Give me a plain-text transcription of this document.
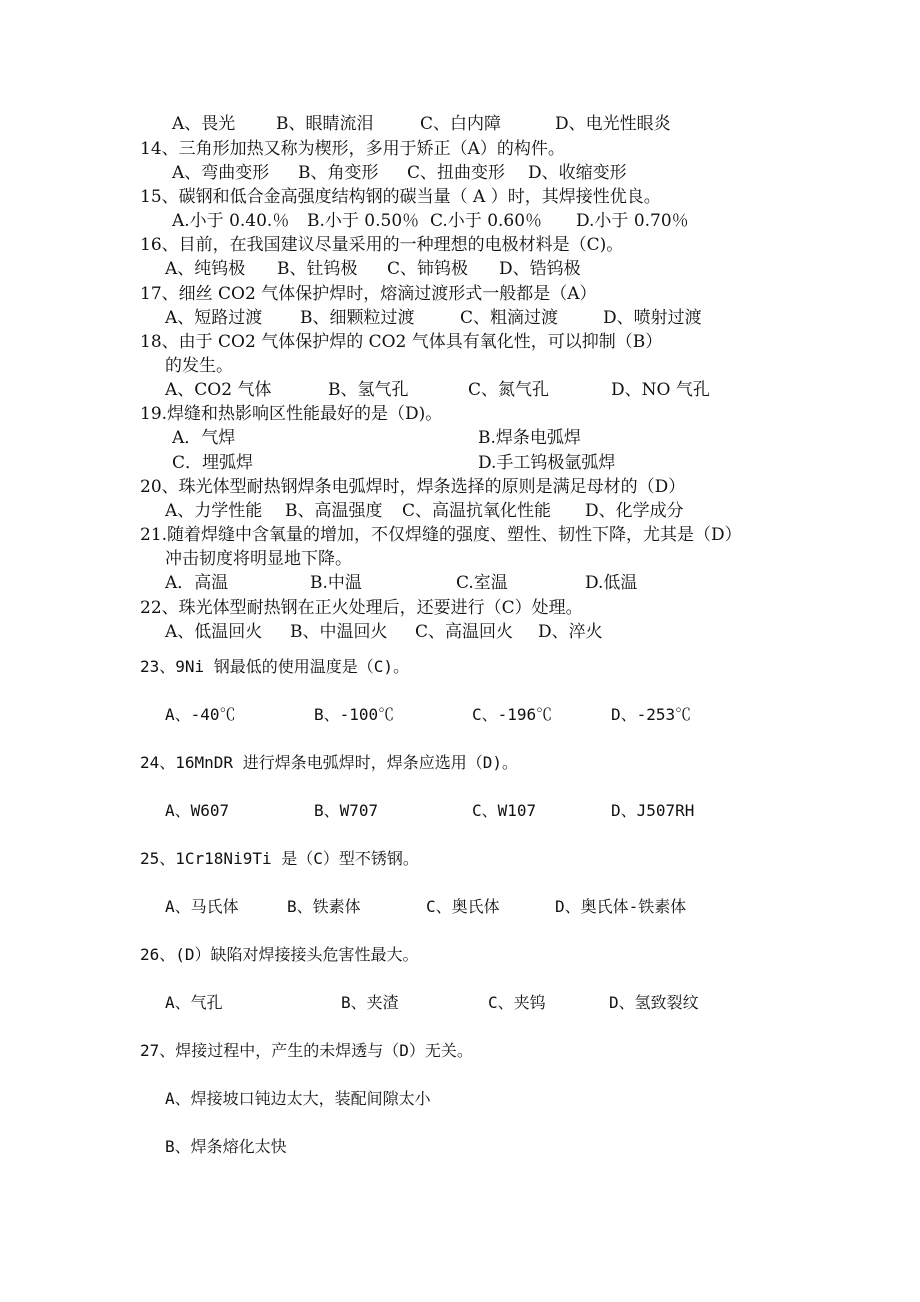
A、畏光 B、眼睛流泪	C、白内障	D、电光性眼炎
14、三角形加热又称为楔形，多用于矫正（A）的构件。
A、弯曲变形 B、角变形 C、扭曲变形 D、收缩变形
15、碳钢和低合金高强度结构钢的碳当量（ A ）时，其焊接性优良。
A.小于 0.40.％ B.小于 0.50％ C.小于 0.60％ D.小于 0.70％
16、目前，在我国建议尽量采用的一种理想的电极材料是（C)。
A、纯钨极 B、钍钨极 C、铈钨极 D、锆钨极
17、细丝 CO2 气体保护焊时，熔滴过渡形式一般都是（A）
A、短路过渡 B、细颗粒过渡	C、粗滴过渡	D、喷射过渡
18、由于 CO2 气体保护焊的 CO2 气体具有氧化性，可以抑制（B）
的发生。
A、CO2 气体	B、氢气孔	C、氮气孔	D、NO 气孔
19.焊缝和热影响区性能最好的是（D)。
A．气焊	B.焊条电弧焊
C．埋弧焊	D.手工钨极氩弧焊
20、珠光体型耐热钢焊条电弧焊时，焊条选择的原则是满足母材的（D）
A、力学性能 B、高温强度 C、高温抗氧化性能 D、化学成分
21.随着焊缝中含氧量的增加，不仅焊缝的强度、塑性、韧性下降，尤其是（D）
冲击韧度将明显地下降。
A．高温	B.中温	C.室温	D.低温
22、珠光体型耐热钢在正火处理后，还要进行（C）处理。
A、低温回火 B、中温回火 C、高温回火 D、淬火
23、9Ni 钢最低的使用温度是（C)。
A、-40℃	B、-100℃	C、-196℃	D、-253℃
24、16MnDR 进行焊条电弧焊时，焊条应选用（D)。
A、W607	B、W707	C、W107	D、J507RH
25、1Cr18Ni9Ti 是（C）型不锈钢。
A、马氏体	B、铁素体	C、奥氏体	D、奥氏体-铁素体
26、(D）缺陷对焊接接头危害性最大。
A、气孔	B、夹渣	C、夹钨	D、氢致裂纹
27、焊接过程中，产生的未焊透与（D）无关。
A、焊接坡口钝边太大，装配间隙太小
B、焊条熔化太快
